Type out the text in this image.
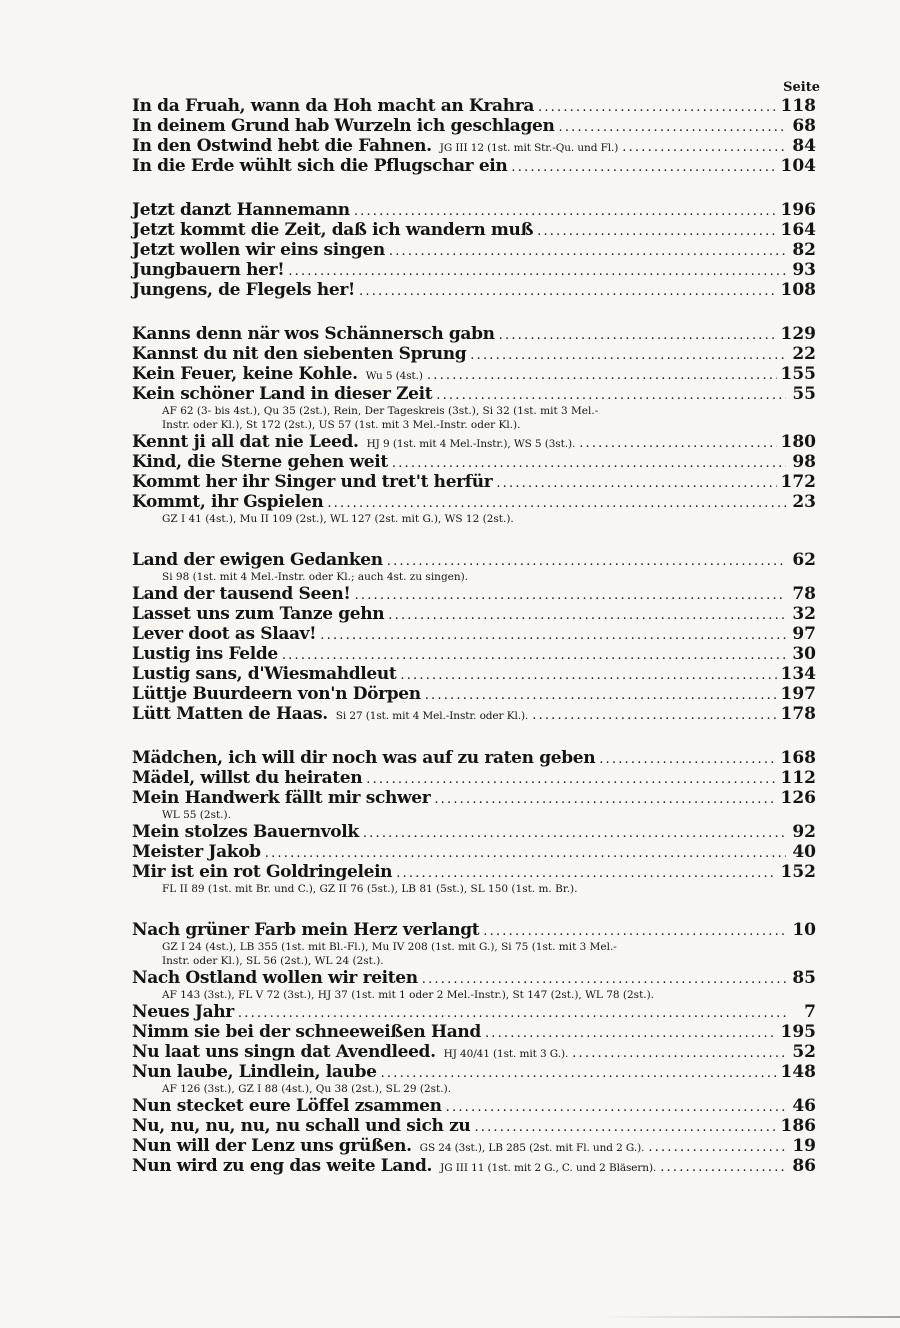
Seite
In da Fruah, wann da Hoh macht an Krahra .....	118
In deinem Grund hab Wurzeln ich geschlagen .....	68
In den Ostwind hebt die Fahnen. JG III 12 (1st. mit Str.-Qu. und Fl.) .....	84
In die Erde wühlt sich die Pflugschar ein .....	104
Jetzt danzt Hannemann .....	196
Jetzt kommt die Zeit, daß ich wandern muß .....	164
Jetzt wollen wir eins singen .....	82
Jungbauern her! .....	93
Jungens, de Flegels her! .....	108
Kanns denn när wos Schännersch gabn .....	129
Kannst du nit den siebenten Sprung .....	22
Kein Feuer, keine Kohle. Wu 5 (4st.) .....	155
Kein schöner Land in dieser Zeit .....	55
AF 62 (3- bis 4st.), Qu 35 (2st.), Rein, Der Tageskreis (3st.), Si 32 (1st. mit 3 Mel.-
Instr. oder Kl.), St 172 (2st.), US 57 (1st. mit 3 Mel.-Instr. oder Kl.).
Kennt ji all dat nie Leed. HJ 9 (1st. mit 4 Mel.-Instr.), WS 5 (3st.). .....	180
Kind, die Sterne gehen weit .....	98
Kommt her ihr Singer und tret't herfür .....	172
Kommt, ihr Gspielen .....	23
GZ I 41 (4st.), Mu II 109 (2st.), WL 127 (2st. mit G.), WS 12 (2st.).
Land der ewigen Gedanken .....	62
Si 98 (1st. mit 4 Mel.-Instr. oder Kl.; auch 4st. zu singen).
Land der tausend Seen! .....	78
Lasset uns zum Tanze gehn .....	32
Lever doot as Slaav! .....	97
Lustig ins Felde .....	30
Lustig sans, d'Wiesmahdleut .....	134
Lüttje Buurdeern von'n Dörpen .....	197
Lütt Matten de Haas. Si 27 (1st. mit 4 Mel.-Instr. oder Kl.). .....	178
Mädchen, ich will dir noch was auf zu raten geben .....	168
Mädel, willst du heiraten .....	112
Mein Handwerk fällt mir schwer .....	126
WL 55 (2st.).
Mein stolzes Bauernvolk .....	92
Meister Jakob .....	40
Mir ist ein rot Goldringelein .....	152
FL II 89 (1st. mit Br. und C.), GZ II 76 (5st.), LB 81 (5st.), SL 150 (1st. m. Br.).
Nach grüner Farb mein Herz verlangt .....	10
GZ I 24 (4st.), LB 355 (1st. mit Bl.-Fl.), Mu IV 208 (1st. mit G.), Si 75 (1st. mit 3 Mel.-
Instr. oder Kl.), SL 56 (2st.), WL 24 (2st.).
Nach Ostland wollen wir reiten .....	85
AF 143 (3st.), FL V 72 (3st.), HJ 37 (1st. mit 1 oder 2 Mel.-Instr.), St 147 (2st.), WL 78 (2st.).
Neues Jahr .....	7
Nimm sie bei der schneeweißen Hand .....	195
Nu laat uns singn dat Avendleed. HJ 40/41 (1st. mit 3 G.). .....	52
Nun laube, Lindlein, laube .....	148
AF 126 (3st.), GZ I 88 (4st.), Qu 38 (2st.), SL 29 (2st.).
Nun stecket eure Löffel zsammen .....	46
Nu, nu, nu, nu, nu schall und sich zu .....	186
Nun will der Lenz uns grüßen. GS 24 (3st.), LB 285 (2st. mit Fl. und 2 G.). .....	19
Nun wird zu eng das weite Land. JG III 11 (1st. mit 2 G., C. und 2 Bläsern). .....	86
